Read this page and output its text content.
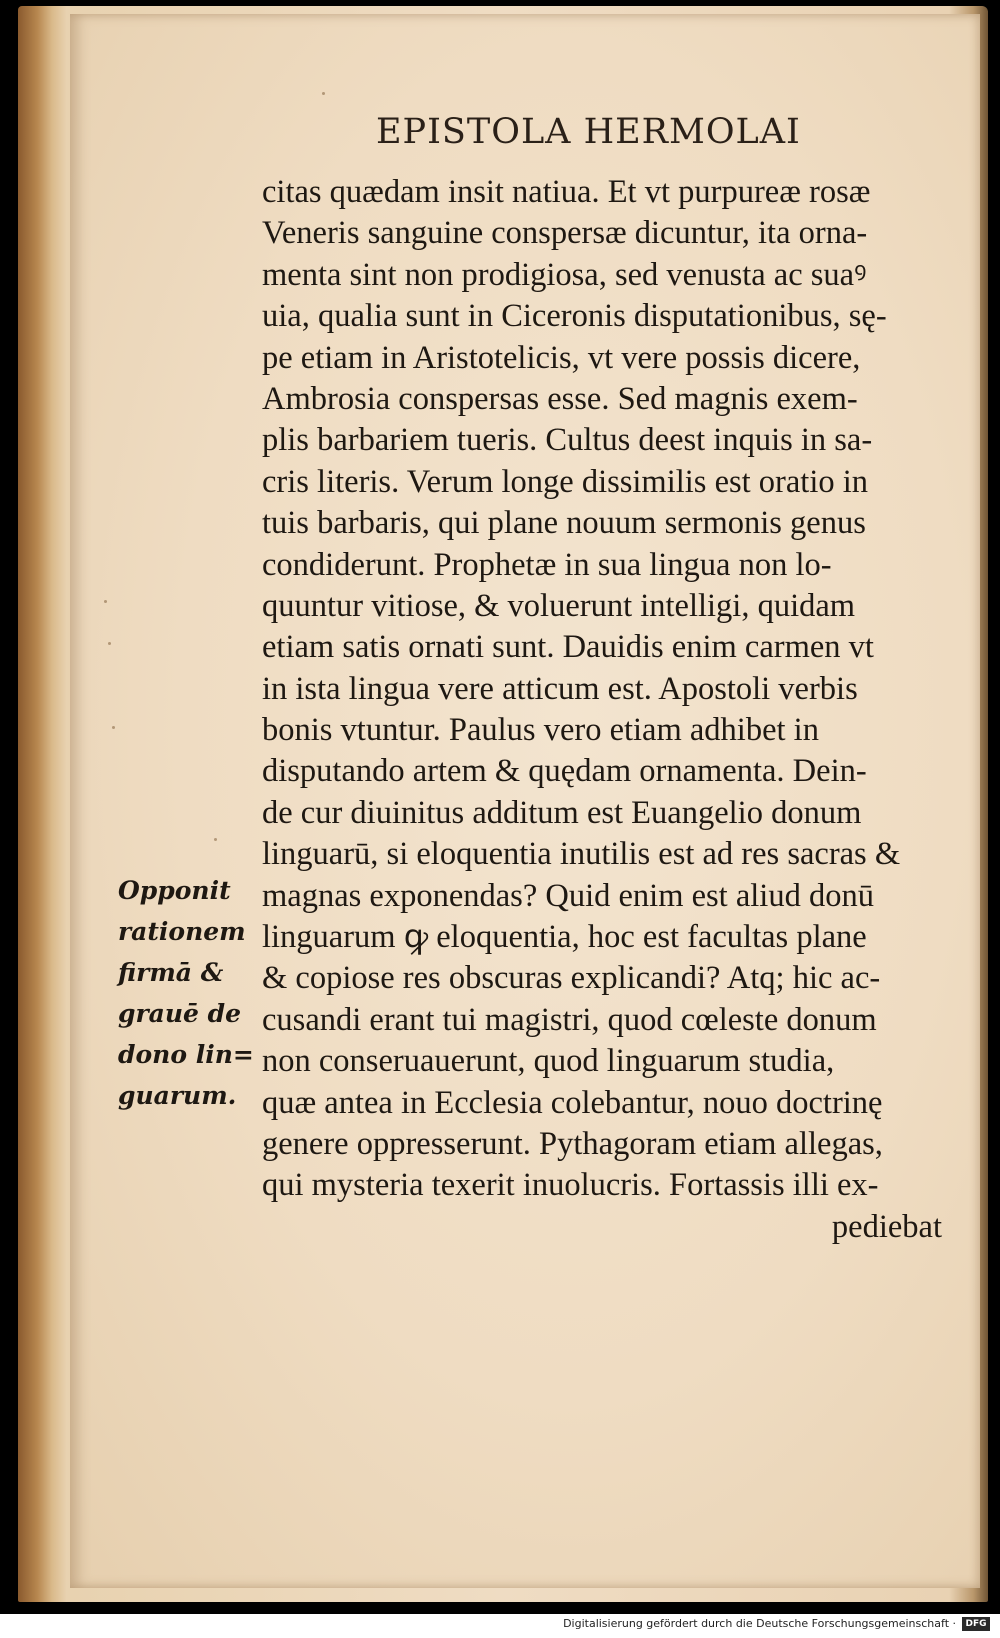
EPISTOLA HERMOLAI
citas quædam insit natiua. Et vt purpureæ rosæ
Veneris sanguine conspersæ dicuntur, ita orna-
menta sint non prodigiosa, sed venusta ac suaꝰ
uia, qualia sunt in Ciceronis disputationibus, sę-
pe etiam in Aristotelicis, vt vere possis dicere,
Ambrosia conspersas esse. Sed magnis exem-
plis barbariem tueris. Cultus deest inquis in sa-
cris literis. Verum longe dissimilis est oratio in
tuis barbaris, qui plane nouum sermonis genus
condiderunt. Prophetæ in sua lingua non lo-
quuntur vitiose, & voluerunt intelligi, quidam
etiam satis ornati sunt. Dauidis enim carmen vt
in ista lingua vere atticum est. Apostoli verbis
bonis vtuntur. Paulus vero etiam adhibet in
disputando artem & quędam ornamenta. Dein-
de cur diuinitus additum est Euangelio donum
linguarū, si eloquentia inutilis est ad res sacras &
magnas exponendas? Quid enim est aliud donū
linguarum ꝙ eloquentia, hoc est facultas plane
& copiose res obscuras explicandi? Atq; hic ac-
cusandi erant tui magistri, quod cœleste donum
non conseruauerunt, quod linguarum studia,
quæ antea in Ecclesia colebantur, nouo doctrinę
genere oppresserunt. Pythagoram etiam allegas,
qui mysteria texerit inuolucris. Fortassis illi ex-
pediebat
Opponit
rationem
firmā &
grauē de
dono lin=
guarum.
Digitalisierung gefördert durch die Deutsche Forschungsgemeinschaft ·	DFG
